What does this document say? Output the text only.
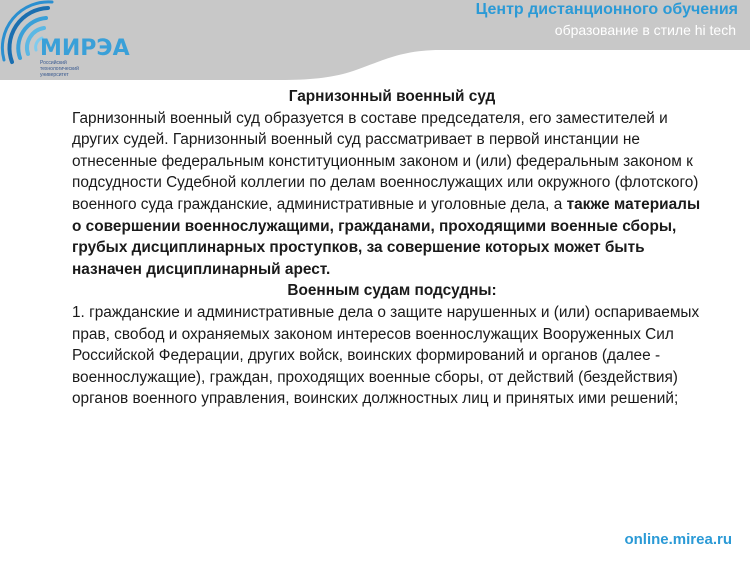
МИРЭА
Российский технологический университет
Центр дистанционного обучения
образование в стиле hi tech
Гарнизонный военный суд

Гарнизонный военный суд образуется в составе председателя, его заместителей и других судей. Гарнизонный военный суд рассматривает в первой инстанции не отнесенные федеральным конституционным законом и (или) федеральным законом к подсудности Судебной коллегии по делам военнослужащих или окружного (флотского) военного суда гражданские, административные и уголовные дела, а также материалы о совершении военнослужащими, гражданами, проходящими военные сборы, грубых дисциплинарных проступков, за совершение которых может быть назначен дисциплинарный арест.

Военным судам подсудны:

1. гражданские и административные дела о защите нарушенных и (или) оспариваемых прав, свобод и охраняемых законом интересов военнослужащих Вооруженных Сил Российской Федерации, других войск, воинских формирований и органов (далее - военнослужащие), граждан, проходящих военные сборы, от действий (бездействия) органов военного управления, воинских должностных лиц и принятых ими решений;

online.mirea.ru
